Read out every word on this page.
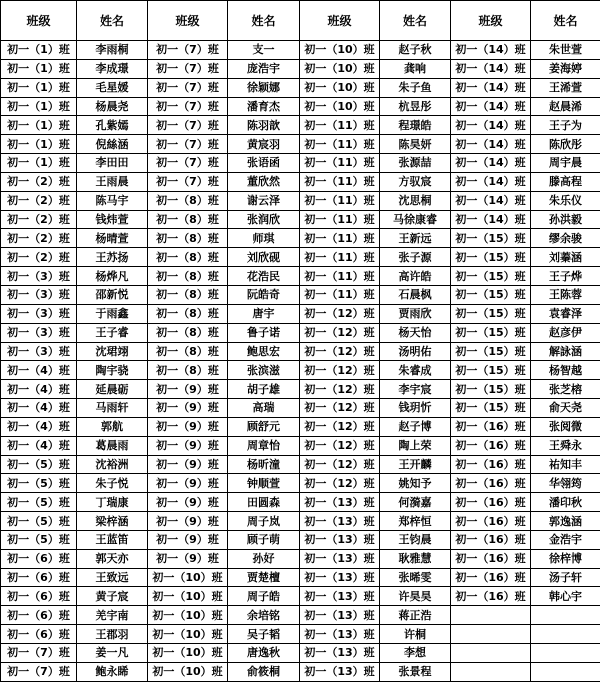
班级	姓名	班级	姓名	班级	姓名	班级	姓名
初一（1）班	李雨桐	初一（7）班	支一	初一（10）班	赵子秋	初一（14）班	朱世萱
初一（1）班	李成璟	初一（7）班	庞浩宇	初一（10）班	龚响	初一（14）班	姜海婷
初一（1）班	毛星媛	初一（7）班	徐颖娜	初一（10）班	朱子鱼	初一（14）班	王浠萱
初一（1）班	杨晨尧	初一（7）班	潘育杰	初一（10）班	杭昱彤	初一（14）班	赵晨浠
初一（1）班	孔紫嫣	初一（7）班	陈羽歆	初一（11）班	程璟皓	初一（14）班	王子为
初一（1）班	倪絲涵	初一（7）班	黄宸羽	初一（11）班	陈昊妍	初一（14）班	陈欣彤
初一（1）班	李田田	初一（7）班	张语函	初一（11）班	张源喆	初一（14）班	周宇晨
初一（2）班	王雨晨	初一（7）班	董欣然	初一（11）班	方驭宸	初一（14）班	滕高程
初一（2）班	陈马宇	初一（8）班	谢云泽	初一（11）班	沈思桐	初一（14）班	朱乐仪
初一（2）班	钱炜萱	初一（8）班	张润欣	初一（11）班	马徐康睿	初一（14）班	孙洪毅
初一（2）班	杨晴萱	初一（8）班	师琪	初一（11）班	王新远	初一（15）班	缪余骏
初一（2）班	王苏扬	初一（8）班	刘欣砚	初一（11）班	张子源	初一（15）班	刘蓁涵
初一（3）班	杨烨凡	初一（8）班	花浩民	初一（11）班	高许皓	初一（15）班	王子烨
初一（3）班	邵新悦	初一（8）班	阮皓奇	初一（11）班	石晨枫	初一（15）班	王陈蓉
初一（3）班	于雨鑫	初一（8）班	唐宇	初一（12）班	贾雨欣	初一（15）班	袁睿泽
初一（3）班	王子睿	初一（8）班	鲁子诺	初一（12）班	杨天怡	初一（15）班	赵彦伊
初一（3）班	沈珺翊	初一（8）班	鲍思宏	初一（12）班	汤明佑	初一（15）班	解詠涵
初一（4）班	陶宇骁	初一（8）班	张滨滋	初一（12）班	朱睿成	初一（15）班	杨智越
初一（4）班	延晨砺	初一（9）班	胡子雄	初一（12）班	李宇宸	初一（15）班	张芝榕
初一（4）班	马雨轩	初一（9）班	高瑞	初一（12）班	钱玥忻	初一（15）班	俞天尧
初一（4）班	郭航	初一（9）班	顾舒元	初一（12）班	赵子博	初一（16）班	张阅微
初一（4）班	葛晨雨	初一（9）班	周章怡	初一（12）班	陶上荣	初一（16）班	王舜永
初一（5）班	沈裕洲	初一（9）班	杨昕潼	初一（12）班	王开麟	初一（16）班	祐知丰
初一（5）班	朱子悦	初一（9）班	钟顺萱	初一（12）班	姚知予	初一（16）班	华翎筠
初一（5）班	丁瑞康	初一（9）班	田圆森	初一（13）班	何漪嘉	初一（16）班	潘印秋
初一（5）班	梁梓涵	初一（9）班	周子岚	初一（13）班	郑梓恒	初一（16）班	郭逸涵
初一（5）班	王蓝笛	初一（9）班	顾子萌	初一（13）班	王钧晨	初一（16）班	金浩宇
初一（6）班	郭天亦	初一（9）班	孙好	初一（13）班	耿雅慧	初一（16）班	徐梓博
初一（6）班	王致远	初一（10）班	贾楚檀	初一（13）班	张晞雯	初一（16）班	汤子轩
初一（6）班	黄子宸	初一（10）班	周子皓	初一（13）班	许昊昊	初一（16）班	韩心宇
初一（6）班	羌宇南	初一（10）班	余培铭	初一（13）班	蒋正浩		
初一（6）班	王郡羽	初一（10）班	吴子韬	初一（13）班	许桐		
初一（7）班	姜一凡	初一（10）班	唐逸秋	初一（13）班	李想		
初一（7）班	鲍永睎	初一（10）班	俞筱桐	初一（13）班	张景程		
